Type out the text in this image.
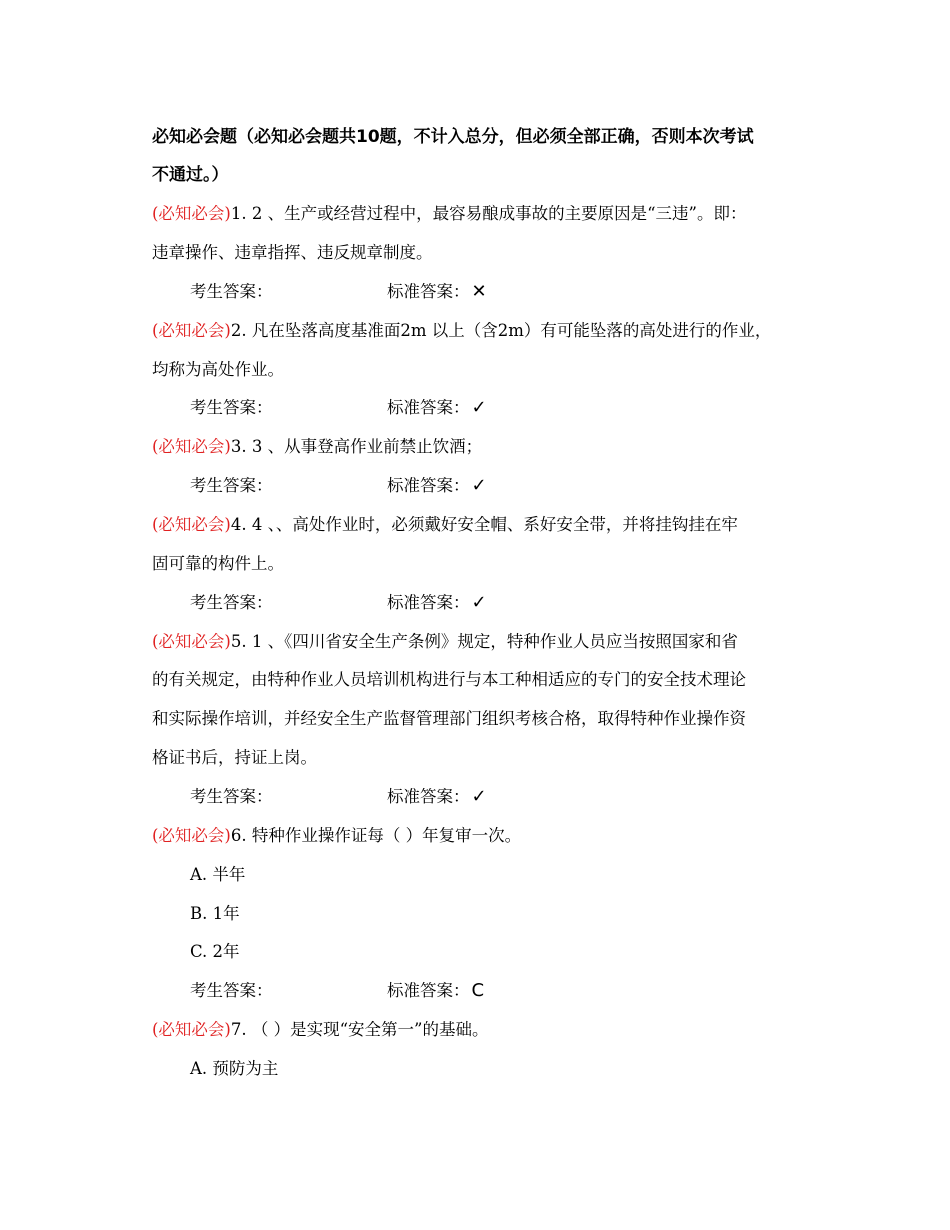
必知必会题（必知必会题共10题，不计入总分，但必须全部正确，否则本次考试
不通过。）
(必知必会)1. 2 、生产或经营过程中，最容易酿成事故的主要原因是“三违”。即：
违章操作、违章指挥、违反规章制度。
考生答案：	标准答案： ✕
(必知必会)2. 凡在坠落高度基准面2m 以上（含2m）有可能坠落的高处进行的作业，
均称为高处作业。
考生答案：	标准答案： ✓
(必知必会)3. 3 、从事登高作业前禁止饮酒；
考生答案：	标准答案： ✓
(必知必会)4. 4 、、高处作业时，必须戴好安全帽、系好安全带，并将挂钩挂在牢
固可靠的构件上。
考生答案：	标准答案： ✓
(必知必会)5. 1 、《四川省安全生产条例》规定，特种作业人员应当按照国家和省
的有关规定，由特种作业人员培训机构进行与本工种相适应的专门的安全技术理论
和实际操作培训，并经安全生产监督管理部门组织考核合格，取得特种作业操作资
格证书后，持证上岗。
考生答案：	标准答案： ✓
(必知必会)6. 特种作业操作证每（ ）年复审一次。
A. 半年
B. 1年
C. 2年
考生答案：	标准答案： C
(必知必会)7. （ ）是实现“安全第一”的基础。
A. 预防为主
